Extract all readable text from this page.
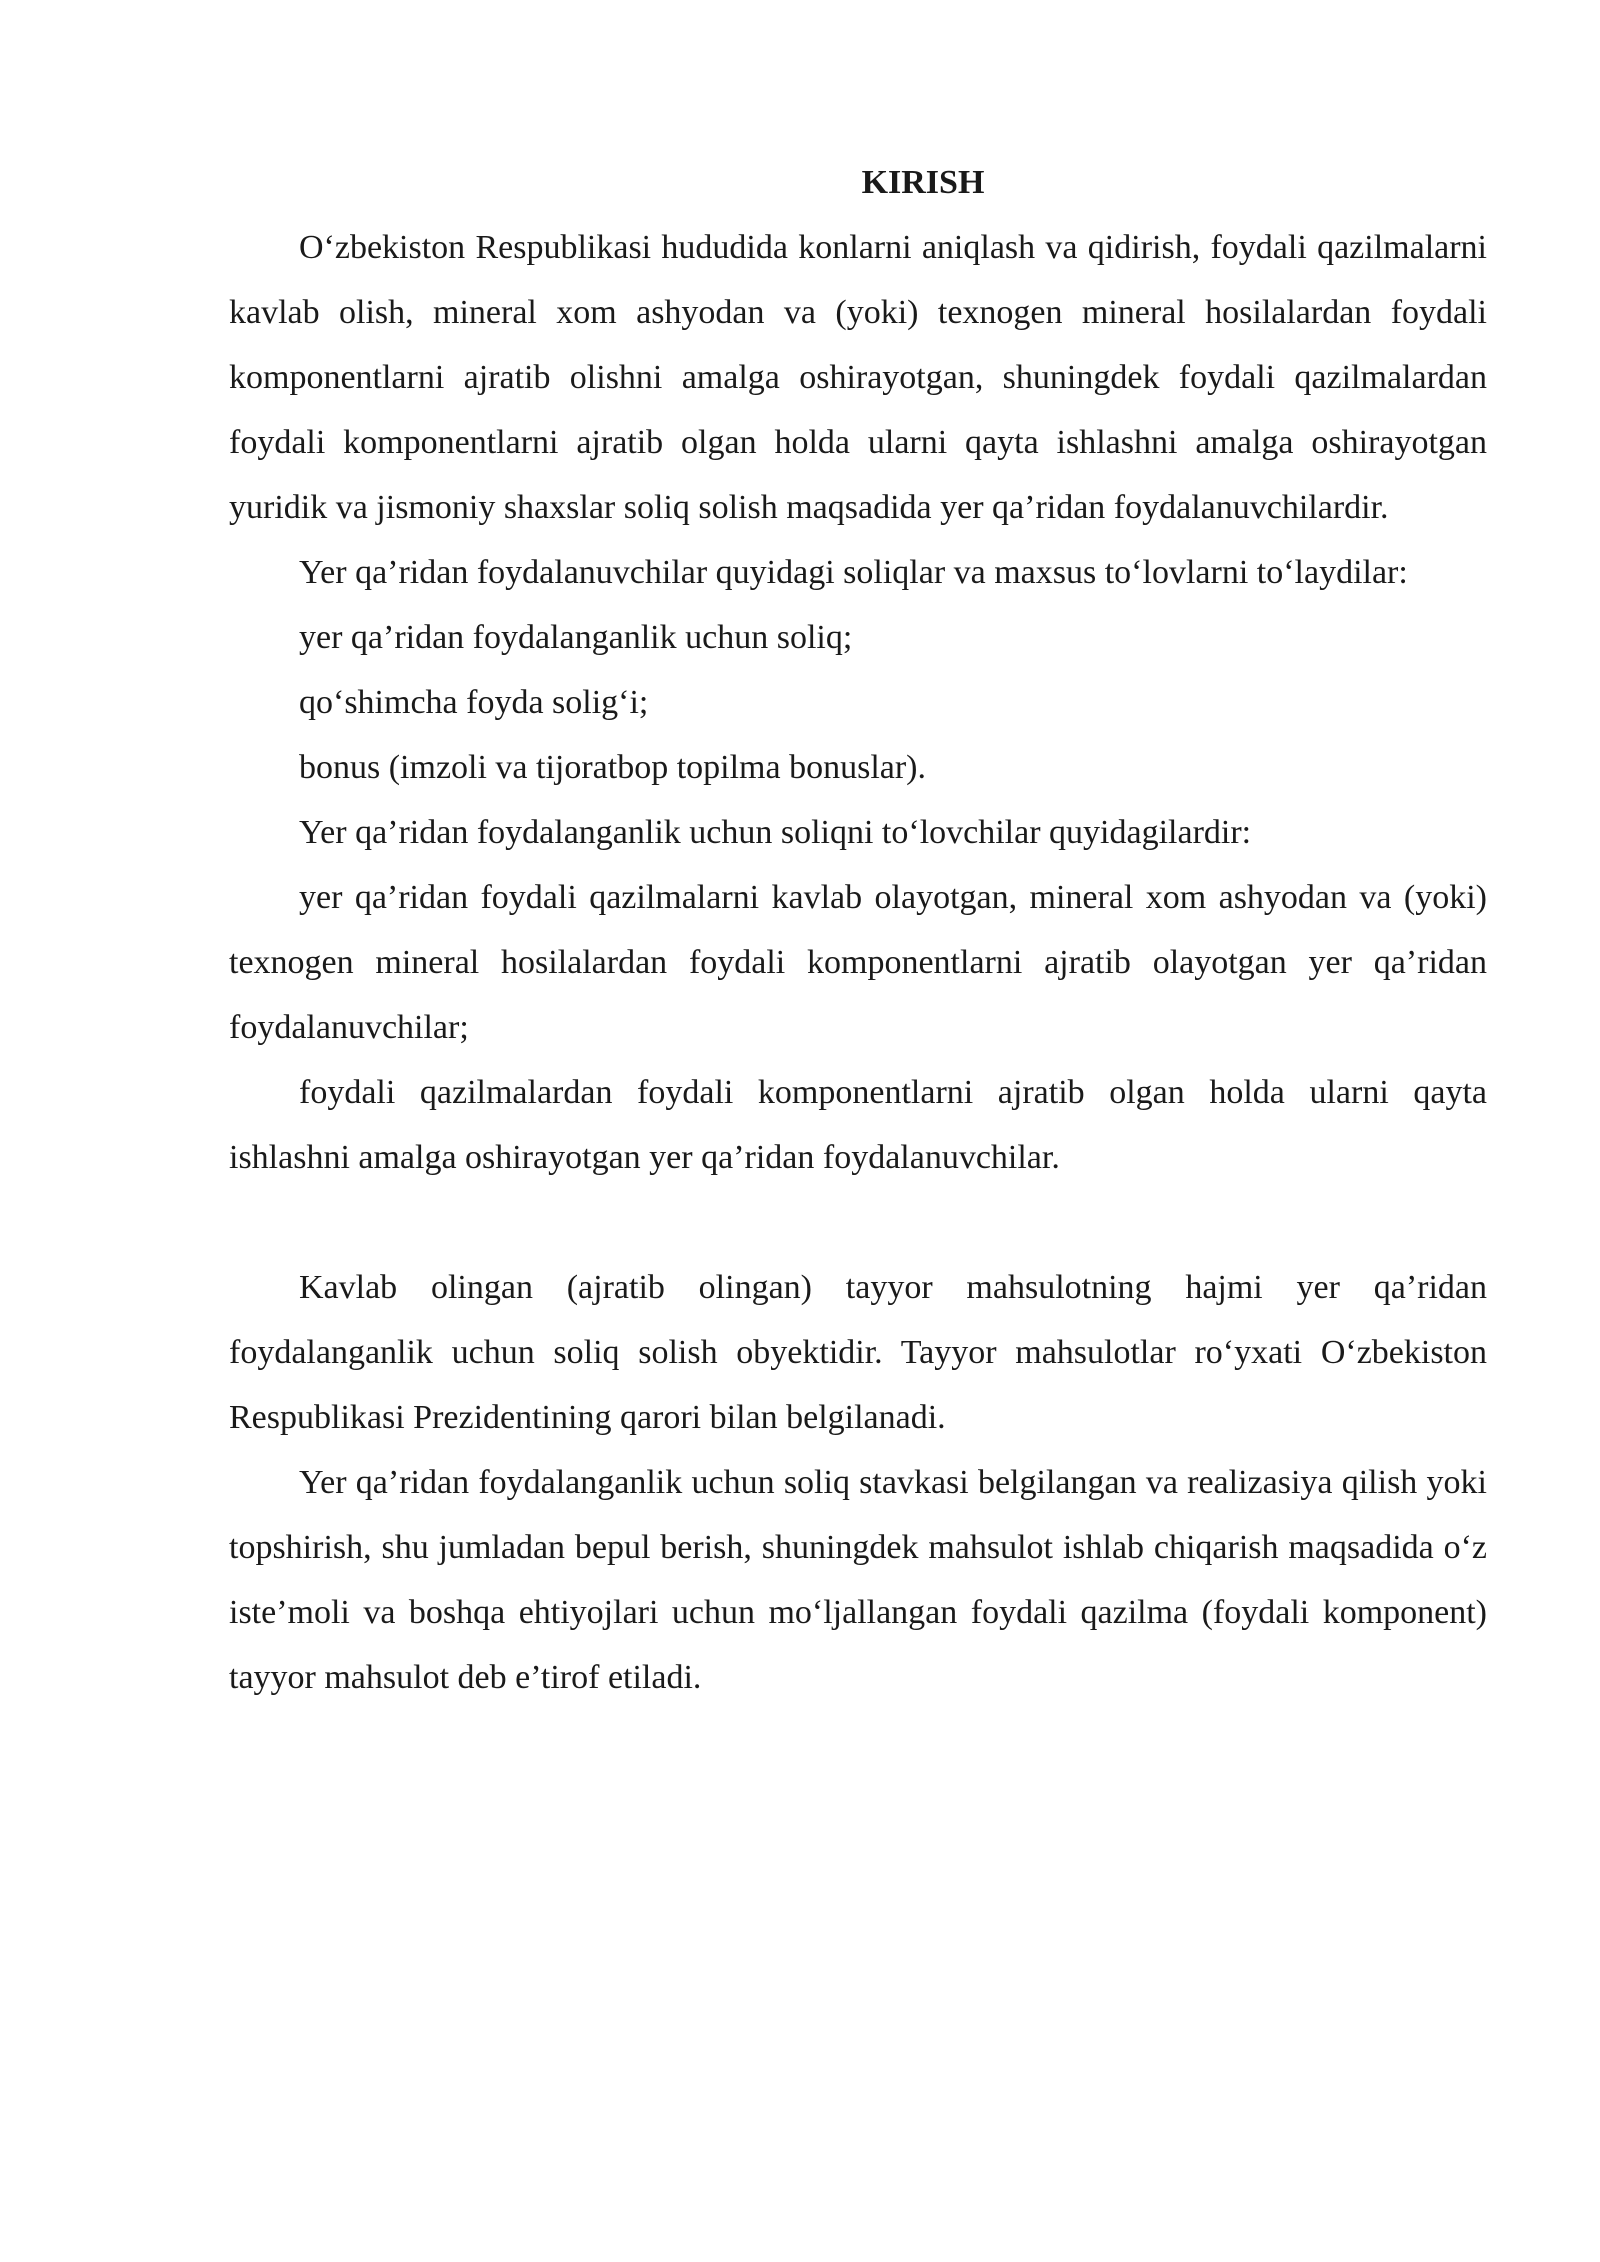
KIRISH

O‘zbekiston Respublikasi hududida konlarni aniqlash va qidirish, foydali qazilmalarni kavlab olish, mineral xom ashyodan va (yoki) texnogen mineral hosilalardan foydali komponentlarni ajratib olishni amalga oshirayotgan, shuningdek foydali qazilmalardan foydali komponentlarni ajratib olgan holda ularni qayta ishlashni amalga oshirayotgan yuridik va jismoniy shaxslar soliq solish maqsadida yer qa’ridan foydalanuvchilardir.

Yer qa’ridan foydalanuvchilar quyidagi soliqlar va maxsus to‘lovlarni to‘laydilar:

yer qa’ridan foydalanganlik uchun soliq;

qo‘shimcha foyda solig‘i;

bonus (imzoli va tijoratbop topilma bonuslar).

Yer qa’ridan foydalanganlik uchun soliqni to‘lovchilar quyidagilardir:

yer qa’ridan foydali qazilmalarni kavlab olayotgan, mineral xom ashyodan va (yoki) texnogen mineral hosilalardan foydali komponentlarni ajratib olayotgan yer qa’ridan foydalanuvchilar;

foydali qazilmalardan foydali komponentlarni ajratib olgan holda ularni qayta ishlashni amalga oshirayotgan yer qa’ridan foydalanuvchilar.

Kavlab olingan (ajratib olingan) tayyor mahsulotning hajmi yer qa’ridan foydalanganlik uchun soliq solish obyektidir. Tayyor mahsulotlar ro‘yxati O‘zbekiston Respublikasi Prezidentining qarori bilan belgilanadi.

Yer qa’ridan foydalanganlik uchun soliq stavkasi belgilangan va realizasiya qilish yoki topshirish, shu jumladan bepul berish, shuningdek mahsulot ishlab chiqarish maqsadida o‘z iste’moli va boshqa ehtiyojlari uchun mo‘ljallangan foydali qazilma (foydali komponent) tayyor mahsulot deb e’tirof etiladi.
